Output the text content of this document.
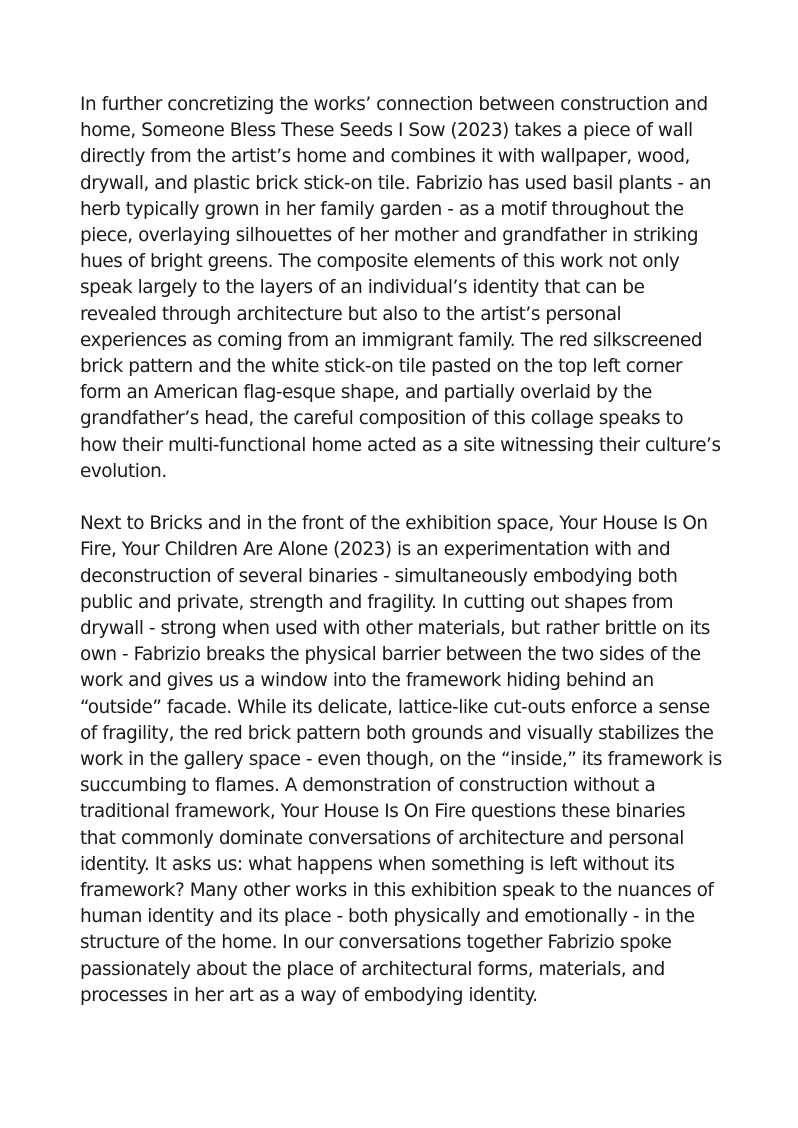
In further concretizing the works’ connection between construction and home, Someone Bless These Seeds I Sow (2023) takes a piece of wall directly from the artist’s home and combines it with wallpaper, wood, drywall, and plastic brick stick-on tile. Fabrizio has used basil plants - an herb typically grown in her family garden - as a motif throughout the piece, overlaying silhouettes of her mother and grandfather in striking hues of bright greens. The composite elements of this work not only speak largely to the layers of an individual’s identity that can be revealed through architecture but also to the artist’s personal experiences as coming from an immigrant family. The red silkscreened brick pattern and the white stick-on tile pasted on the top left corner form an American flag-esque shape, and partially overlaid by the grandfather’s head, the careful composition of this collage speaks to how their multi-functional home acted as a site witnessing their culture’s evolution.

Next to Bricks and in the front of the exhibition space, Your House Is On Fire, Your Children Are Alone (2023) is an experimentation with and deconstruction of several binaries - simultaneously embodying both public and private, strength and fragility. In cutting out shapes from drywall - strong when used with other materials, but rather brittle on its own - Fabrizio breaks the physical barrier between the two sides of the work and gives us a window into the framework hiding behind an “outside” facade. While its delicate, lattice-like cut-outs enforce a sense of fragility, the red brick pattern both grounds and visually stabilizes the work in the gallery space - even though, on the “inside,” its framework is succumbing to flames. A demonstration of construction without a traditional framework, Your House Is On Fire questions these binaries that commonly dominate conversations of architecture and personal identity. It asks us: what happens when something is left without its framework? Many other works in this exhibition speak to the nuances of human identity and its place - both physically and emotionally - in the structure of the home. In our conversations together Fabrizio spoke passionately about the place of architectural forms, materials, and processes in her art as a way of embodying identity.
